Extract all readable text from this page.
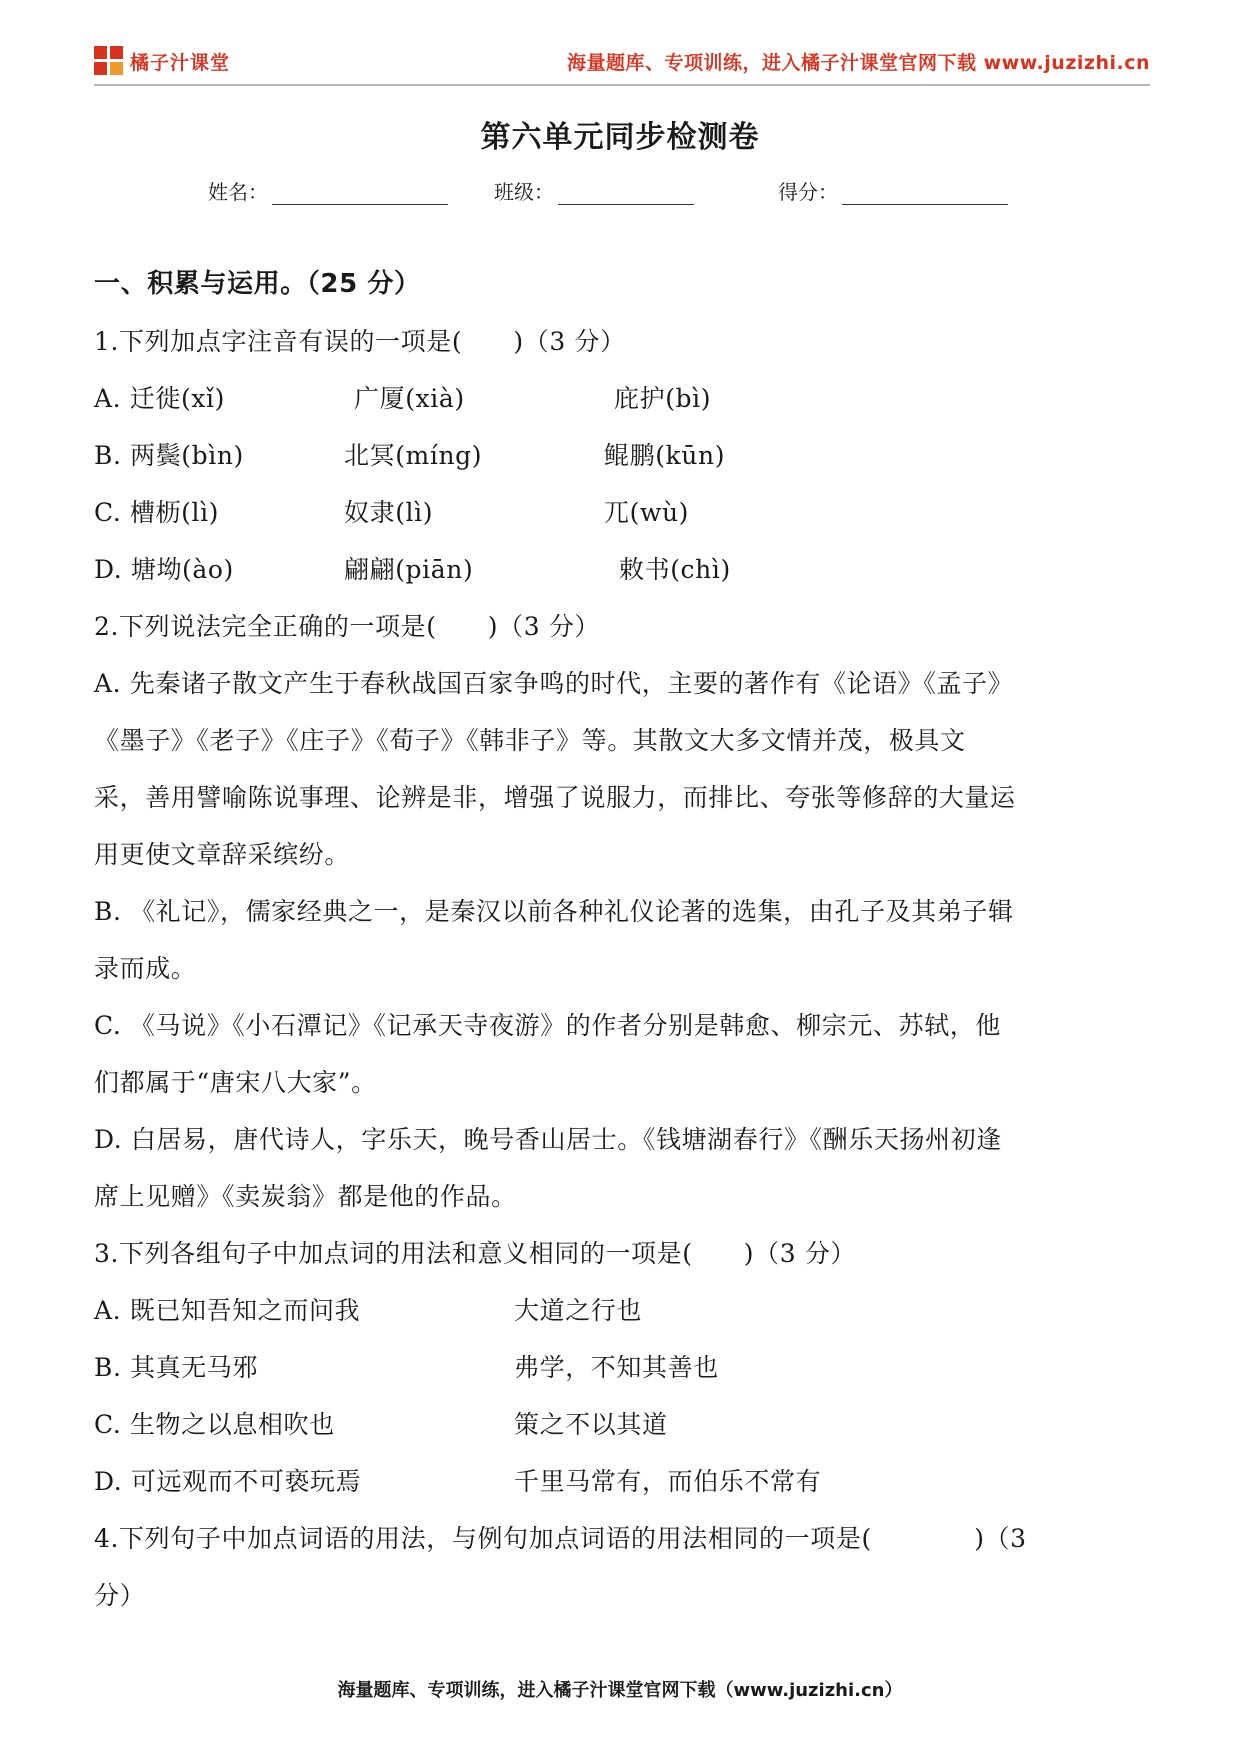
橘子汁课堂	海量题库、专项训练，进入橘子汁课堂官网下载 www.juzizhi.cn
第六单元同步检测卷
姓名：	班级：	得分：

一、积累与运用。（25 分）

1.下列加点字注音有误的一项是(　　)（3 分）

A. 迁徙(xǐ)	广厦(xià)	庇护(bì)
B. 两鬓(bìn)	北冥(míng)	鲲鹏(kūn)
C. 槽枥(lì)	奴隶(lì)	兀(wù)
D. 塘坳(ào)	翩翩(piān)	敕书(chì)

2.下列说法完全正确的一项是(　　)（3 分）

A. 先秦诸子散文产生于春秋战国百家争鸣的时代，主要的著作有《论语》《孟子》

《墨子》《老子》《庄子》《荀子》《韩非子》等。其散文大多文情并茂，极具文

采，善用譬喻陈说事理、论辨是非，增强了说服力，而排比、夸张等修辞的大量运

用更使文章辞采缤纷。

B. 《礼记》，儒家经典之一，是秦汉以前各种礼仪论著的选集，由孔子及其弟子辑

录而成。

C. 《马说》《小石潭记》《记承天寺夜游》的作者分别是韩愈、柳宗元、苏轼，他

们都属于“唐宋八大家”。

D. 白居易，唐代诗人，字乐天，晚号香山居士。《钱塘湖春行》《酬乐天扬州初逢

席上见赠》《卖炭翁》都是他的作品。

3.下列各组句子中加点词的用法和意义相同的一项是(　　)（3 分）

A. 既已知吾知之而问我	大道之行也
B. 其真无马邪	弗学，不知其善也
C. 生物之以息相吹也	策之不以其道
D. 可远观而不可亵玩焉	千里马常有，而伯乐不常有

4.下列句子中加点词语的用法，与例句加点词语的用法相同的一项是(　　　　)（3

分）

海量题库、专项训练，进入橘子汁课堂官网下载（www.juzizhi.cn）
